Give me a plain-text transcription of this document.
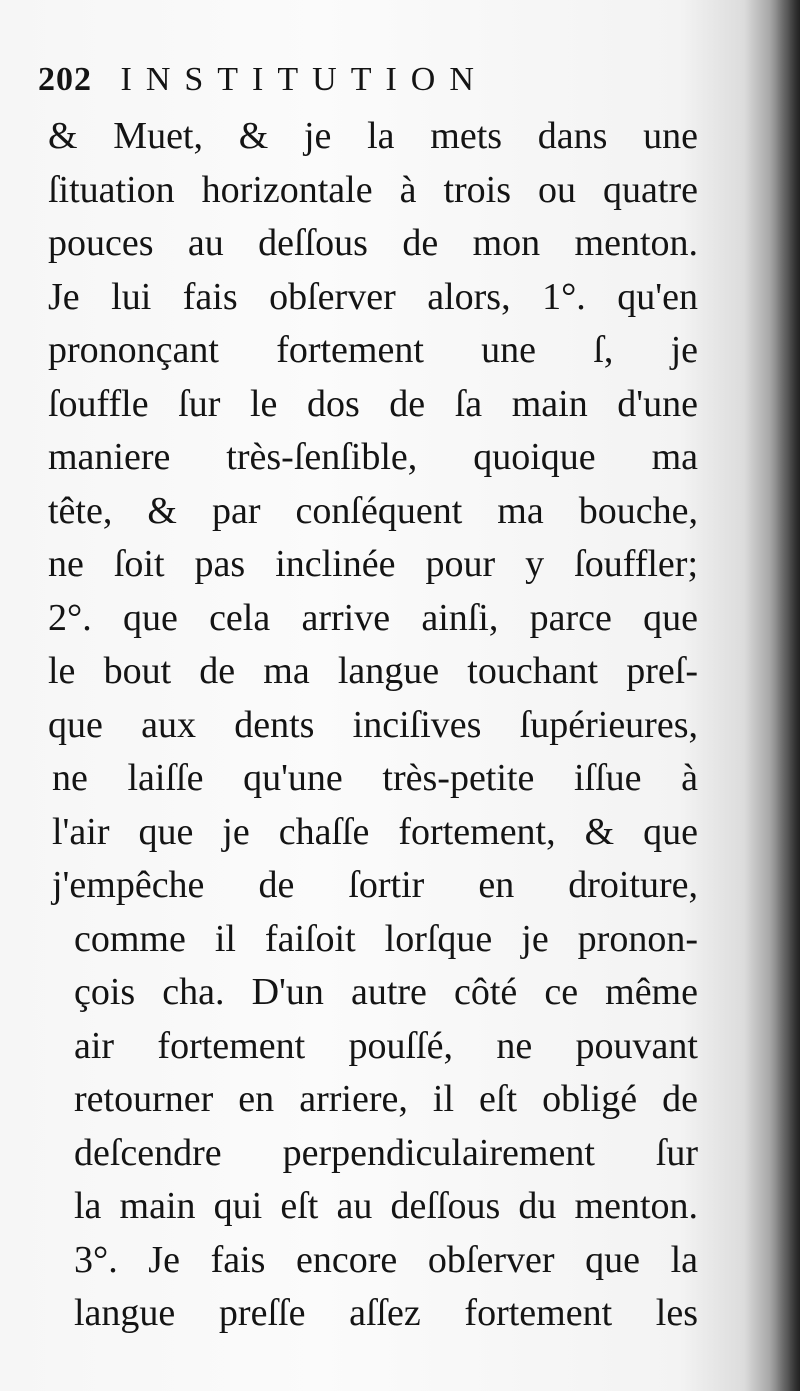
202 INSTITUTION
& Muet, & je la mets dans une
ſituation horizontale à trois ou quatre
pouces au deſſous de mon menton.
Je lui fais obſerver alors, 1°. qu'en
prononçant fortement une ſ, je
ſouffle ſur le dos de ſa main d'une
maniere très-ſenſible, quoique ma
tête, & par conſéquent ma bouche,
ne ſoit pas inclinée pour y ſouffler;
2°. que cela arrive ainſi, parce que
le bout de ma langue touchant preſ-
que aux dents inciſives ſupérieures,
ne laiſſe qu'une très-petite iſſue à
l'air que je chaſſe fortement, & que
j'empêche de ſortir en droiture,
comme il faiſoit lorſque je pronon-
çois cha. D'un autre côté ce même
air fortement pouſſé, ne pouvant
retourner en arriere, il eſt obligé de
deſcendre perpendiculairement ſur
la main qui eſt au deſſous du menton.
3°. Je fais encore obſerver que la
langue preſſe aſſez fortement les
